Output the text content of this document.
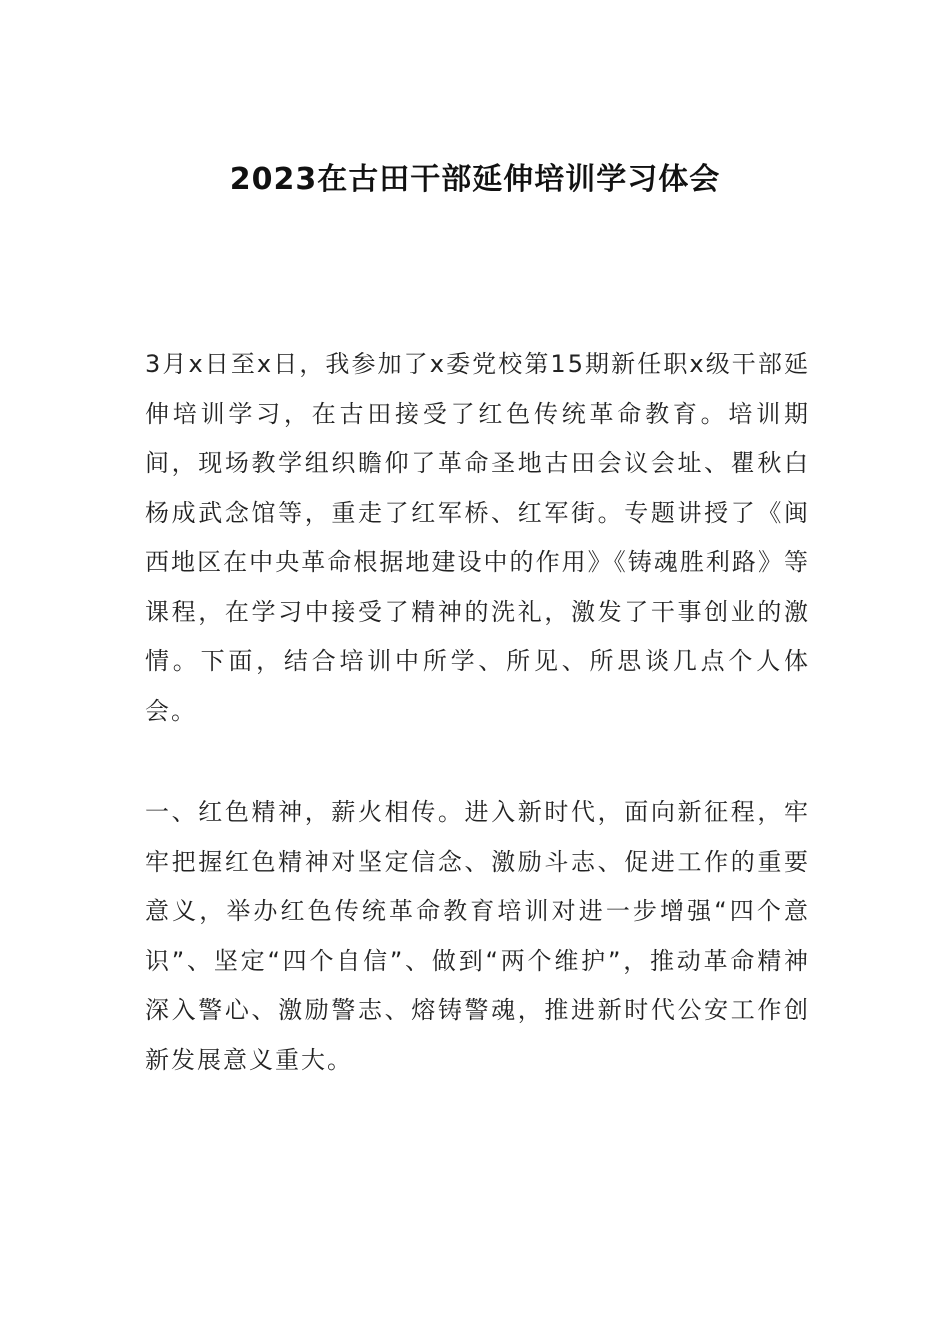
2023在古田干部延伸培训学习体会

3月x日至x日，我参加了x委党校第15期新任职x级干部延伸培训学习，在古田接受了红色传统革命教育。培训期间，现场教学组织瞻仰了革命圣地古田会议会址、瞿秋白杨成武念馆等，重走了红军桥、红军街。专题讲授了《闽西地区在中央革命根据地建设中的作用》《铸魂胜利路》等课程，在学习中接受了精神的洗礼，激发了干事创业的激情。下面，结合培训中所学、所见、所思谈几点个人体会。

一、红色精神，薪火相传。进入新时代，面向新征程，牢牢把握红色精神对坚定信念、激励斗志、促进工作的重要意义，举办红色传统革命教育培训对进一步增强“四个意识”、坚定“四个自信”、做到“两个维护”，推动革命精神深入警心、激励警志、熔铸警魂，推进新时代公安工作创新发展意义重大。
